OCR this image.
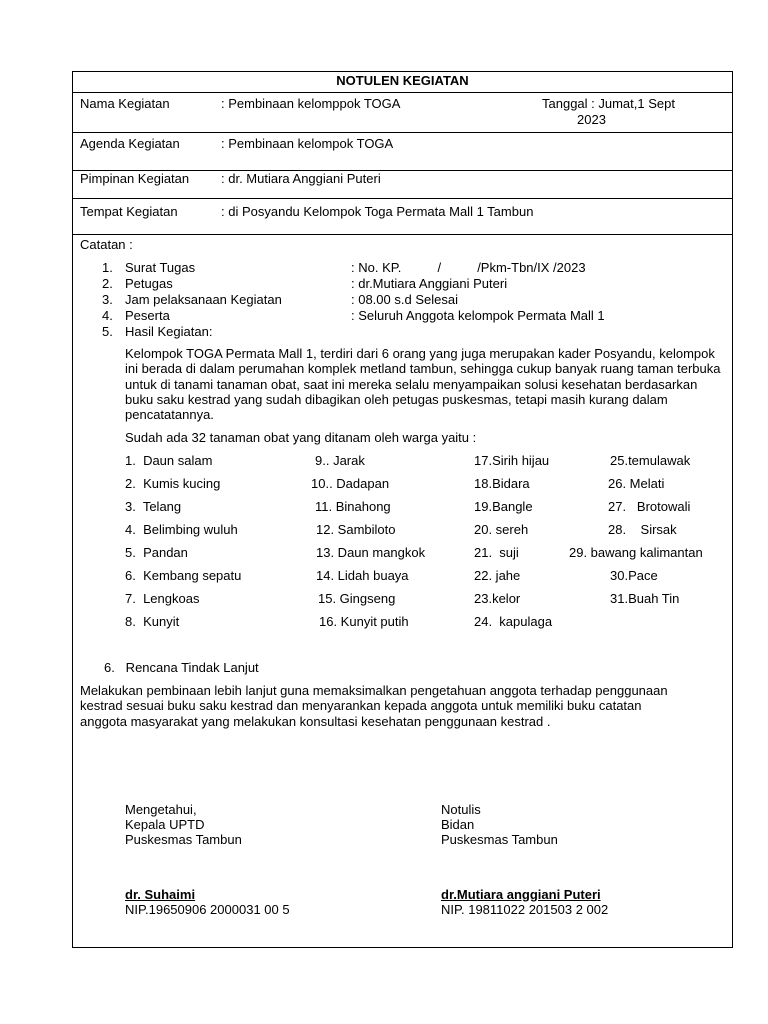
NOTULEN KEGIATAN
Nama Kegiatan	: Pembinaan kelomppok TOGA	Tanggal : Jumat,1 Sept
2023
Agenda Kegiatan	: Pembinaan kelompok TOGA
Pimpinan Kegiatan : dr. Mutiara Anggiani Puteri
Tempat Kegiatan	: di Posyandu Kelompok Toga Permata Mall 1 Tambun
Catatan :
1. Surat Tugas	: No. KP.          /          /Pkm-Tbn/IX /2023
2. Petugas	: dr.Mutiara Anggiani Puteri
3. Jam pelaksanaan Kegiatan	: 08.00 s.d Selesai
4. Peserta	: Seluruh Anggota kelompok Permata Mall 1
5. Hasil Kegiatan:
Kelompok TOGA Permata Mall 1, terdiri dari 6 orang yang juga merupakan kader Posyandu, kelompok ini berada di dalam perumahan komplek metland tambun, sehingga cukup banyak ruang taman terbuka untuk di tanami tanaman obat, saat ini mereka selalu menyampaikan solusi kesehatan berdasarkan buku saku kestrad yang sudah dibagikan oleh petugas puskesmas, tetapi masih kurang dalam pencatatannya.
Sudah ada 32 tanaman obat yang ditanam oleh warga yaitu :
1.  Daun salam	9.. Jarak	17.Sirih hijau	25.temulawak
2.  Kumis kucing	10.. Dadapan	18.Bidara	26. Melati
3.  Telang	11. Binahong	19.Bangle	27.   Brotowali
4.  Belimbing wuluh	12. Sambiloto	20. sereh	28.    Sirsak
5.  Pandan	13. Daun mangkok	21.  suji	29. bawang kalimantan
6.  Kembang sepatu	14. Lidah buaya	22. jahe	30.Pace
7.  Lengkoas	15. Gingseng	23.kelor	31.Buah Tin
8.  Kunyit	16. Kunyit putih	24.  kapulaga
6.   Rencana Tindak Lanjut
Melakukan pembinaan lebih lanjut guna memaksimalkan pengetahuan anggota terhadap penggunaan kestrad sesuai buku saku kestrad dan menyarankan kepada anggota untuk memiliki buku catatan anggota masyarakat yang melakukan konsultasi kesehatan penggunaan kestrad .
Mengetahui,
Kepala UPTD
Puskesmas Tambun
dr. Suhaimi
NIP.19650906 2000031 00 5
Notulis
Bidan
Puskesmas Tambun
dr.Mutiara anggiani Puteri
NIP. 19811022 201503 2 002
